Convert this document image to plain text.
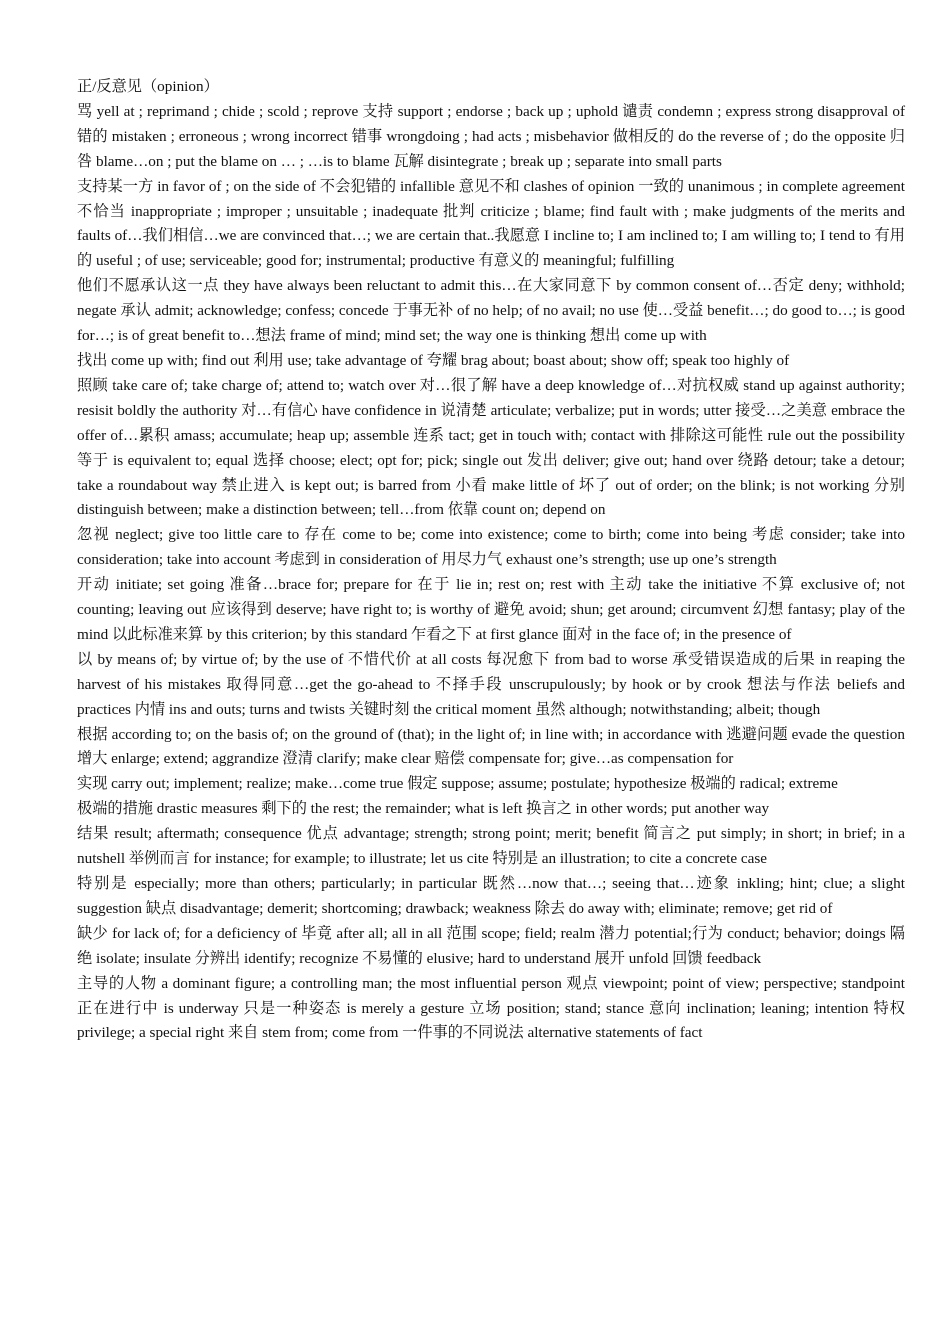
正/反意见（opinion）

骂 yell at ; reprimand ; chide ; scold ; reprove 支持 support ; endorse ; back up ; uphold 谴责 condemn ; express strong disapproval of 错的 mistaken ; erroneous ; wrong incorrect 错事 wrongdoing ; had acts ; misbehavior 做相反的 do the reverse of ; do the opposite 归咎 blame…on ; put the blame on … ; …is to blame 瓦解 disintegrate ; break up ; separate into small parts

支持某一方 in favor of ; on the side of 不会犯错的 infallible 意见不和 clashes of opinion 一致的 unanimous ; in complete agreement 不恰当 inappropriate ; improper ; unsuitable ; inadequate 批判 criticize ; blame; find fault with ; make judgments of the merits and faults of…我们相信…we are convinced that…; we are certain that..我愿意 I incline to; I am inclined to; I am willing to; I tend to 有用的 useful ; of use; serviceable; good for; instrumental; productive 有意义的 meaningful; fulfilling

他们不愿承认这一点 they have always been reluctant to admit this…在大家同意下 by common consent of…否定 deny; withhold; negate 承认 admit; acknowledge; confess; concede 于事无补 of no help; of no avail; no use 使…受益 benefit…; do good to…; is good for…; is of great benefit to…想法 frame of mind; mind set; the way one is thinking 想出 come up with

找出 come up with; find out 利用 use; take advantage of 夸耀 brag about; boast about; show off; speak too highly of

照顾 take care of; take charge of; attend to; watch over 对…很了解 have a deep knowledge of…对抗权威 stand up against authority; resisit boldly the authority 对…有信心 have confidence in 说清楚 articulate; verbalize; put in words; utter 接受…之美意 embrace the offer of…累积 amass; accumulate; heap up; assemble 连系 tact; get in touch with; contact with 排除这可能性 rule out the possibility 等于 is equivalent to; equal 选择 choose; elect; opt for; pick; single out 发出 deliver; give out; hand over 绕路 detour; take a detour; take a roundabout way 禁止进入 is kept out; is barred from 小看 make little of 坏了 out of order; on the blink; is not working 分别 distinguish between; make a distinction between; tell…from 依靠 count on; depend on

忽视 neglect; give too little care to 存在 come to be; come into existence; come to birth; come into being 考虑 consider; take into consideration; take into account 考虑到 in consideration of 用尽力气 exhaust one’s strength; use up one’s strength

开动 initiate; set going 准备…brace for; prepare for 在于 lie in; rest on; rest with 主动 take the initiative 不算 exclusive of; not counting; leaving out 应该得到 deserve; have right to; is worthy of 避免 avoid; shun; get around; circumvent 幻想 fantasy; play of the mind 以此标准来算 by this criterion; by this standard 乍看之下 at first glance 面对 in the face of; in the presence of

以 by means of; by virtue of; by the use of 不惜代价 at all costs 每况愈下 from bad to worse 承受错误造成的后果 in reaping the harvest of his mistakes 取得同意…get the go-ahead to 不择手段 unscrupulously; by hook or by crook 想法与作法 beliefs and practices 内情 ins and outs; turns and twists 关键时刻 the critical moment 虽然 although; notwithstanding; albeit; though

根据 according to; on the basis of; on the ground of (that); in the light of; in line with; in accordance with 逃避问题 evade the question 增大 enlarge; extend; aggrandize 澄清 clarify; make clear 赔偿 compensate for; give…as compensation for

实现 carry out; implement; realize; make…come true 假定 suppose; assume; postulate; hypothesize 极端的 radical; extreme

极端的措施 drastic measures 剩下的 the rest; the remainder; what is left 换言之 in other words; put another way

结果 result; aftermath; consequence 优点 advantage; strength; strong point; merit; benefit 简言之 put simply; in short; in brief; in a nutshell 举例而言 for instance; for example; to illustrate; let us cite 特别是 an illustration; to cite a concrete case

特别是 especially; more than others; particularly; in particular 既然…now that…; seeing that…迹象 inkling; hint; clue; a slight suggestion 缺点 disadvantage; demerit; shortcoming; drawback; weakness 除去 do away with; eliminate; remove; get rid of

缺少 for lack of; for a deficiency of 毕竟 after all; all in all 范围 scope; field; realm 潜力 potential;行为 conduct; behavior; doings 隔绝 isolate; insulate 分辨出 identify; recognize 不易懂的 elusive; hard to understand 展开 unfold 回馈 feedback

主导的人物 a dominant figure; a controlling man; the most influential person 观点 viewpoint; point of view; perspective; standpoint 正在进行中 is underway 只是一种姿态 is merely a gesture 立场 position; stand; stance 意向 inclination; leaning; intention 特权 privilege; a special right 来自 stem from; come from 一件事的不同说法 alternative statements of fact
